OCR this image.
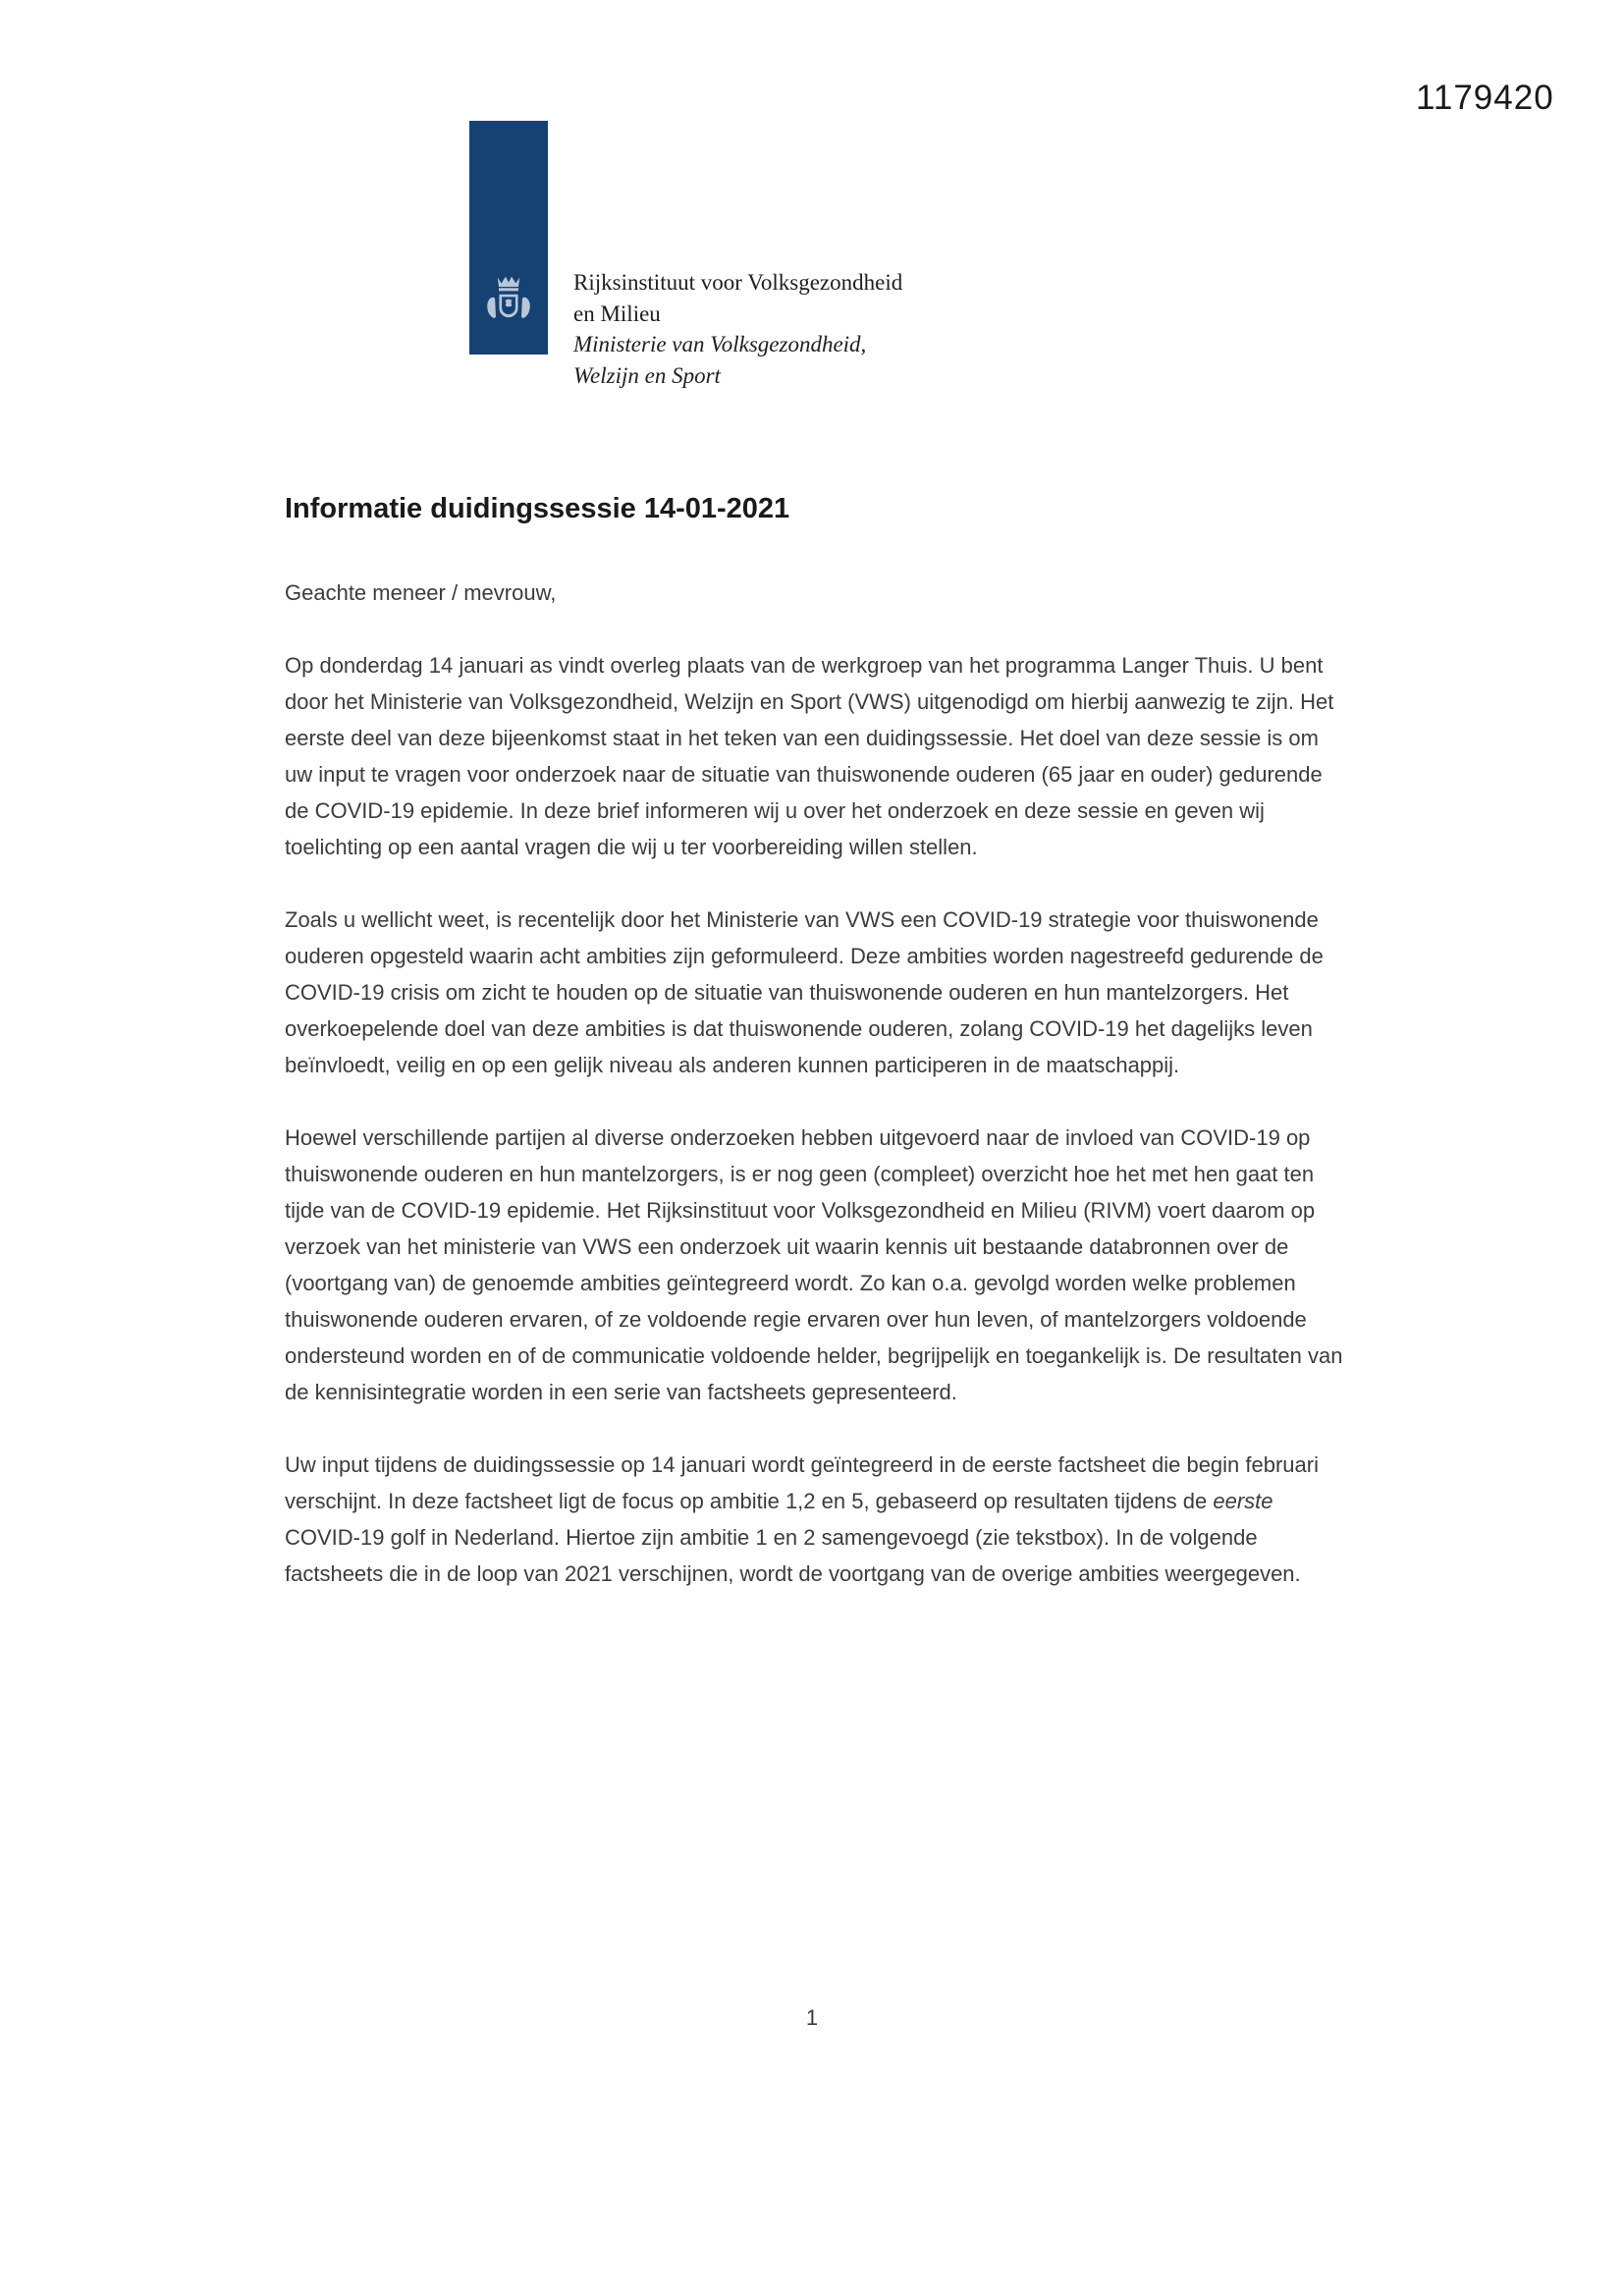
1179420
Rijksinstituut voor Volksgezondheid
en Milieu
Ministerie van Volksgezondheid,
Welzijn en Sport
Informatie duidingssessie 14-01-2021

Geachte meneer / mevrouw,

Op donderdag 14 januari as vindt overleg plaats van de werkgroep van het programma Langer Thuis. U bent door het Ministerie van Volksgezondheid, Welzijn en Sport (VWS) uitgenodigd om hierbij aanwezig te zijn. Het eerste deel van deze bijeenkomst staat in het teken van een duidingssessie. Het doel van deze sessie is om uw input te vragen voor onderzoek naar de situatie van thuiswonende ouderen (65 jaar en ouder) gedurende de COVID-19 epidemie. In deze brief informeren wij u over het onderzoek en deze sessie en geven wij toelichting op een aantal vragen die wij u ter voorbereiding willen stellen.

Zoals u wellicht weet, is recentelijk door het Ministerie van VWS een COVID-19 strategie voor thuiswonende ouderen opgesteld waarin acht ambities zijn geformuleerd. Deze ambities worden nagestreefd gedurende de COVID-19 crisis om zicht te houden op de situatie van thuiswonende ouderen en hun mantelzorgers. Het overkoepelende doel van deze ambities is dat thuiswonende ouderen, zolang COVID-19 het dagelijks leven beïnvloedt, veilig en op een gelijk niveau als anderen kunnen participeren in de maatschappij.

Hoewel verschillende partijen al diverse onderzoeken hebben uitgevoerd naar de invloed van COVID-19 op thuiswonende ouderen en hun mantelzorgers, is er nog geen (compleet) overzicht hoe het met hen gaat ten tijde van de COVID-19 epidemie. Het Rijksinstituut voor Volksgezondheid en Milieu (RIVM) voert daarom op verzoek van het ministerie van VWS een onderzoek uit waarin kennis uit bestaande databronnen over de (voortgang van) de genoemde ambities geïntegreerd wordt. Zo kan o.a. gevolgd worden welke problemen thuiswonende ouderen ervaren, of ze voldoende regie ervaren over hun leven, of mantelzorgers voldoende ondersteund worden en of de communicatie voldoende helder, begrijpelijk en toegankelijk is. De resultaten van de kennisintegratie worden in een serie van factsheets gepresenteerd.

Uw input tijdens de duidingssessie op 14 januari wordt geïntegreerd in de eerste factsheet die begin februari verschijnt. In deze factsheet ligt de focus op ambitie 1,2 en 5, gebaseerd op resultaten tijdens de eerste COVID-19 golf in Nederland. Hiertoe zijn ambitie 1 en 2 samengevoegd (zie tekstbox). In de volgende factsheets die in de loop van 2021 verschijnen, wordt de voortgang van de overige ambities weergegeven.

1
